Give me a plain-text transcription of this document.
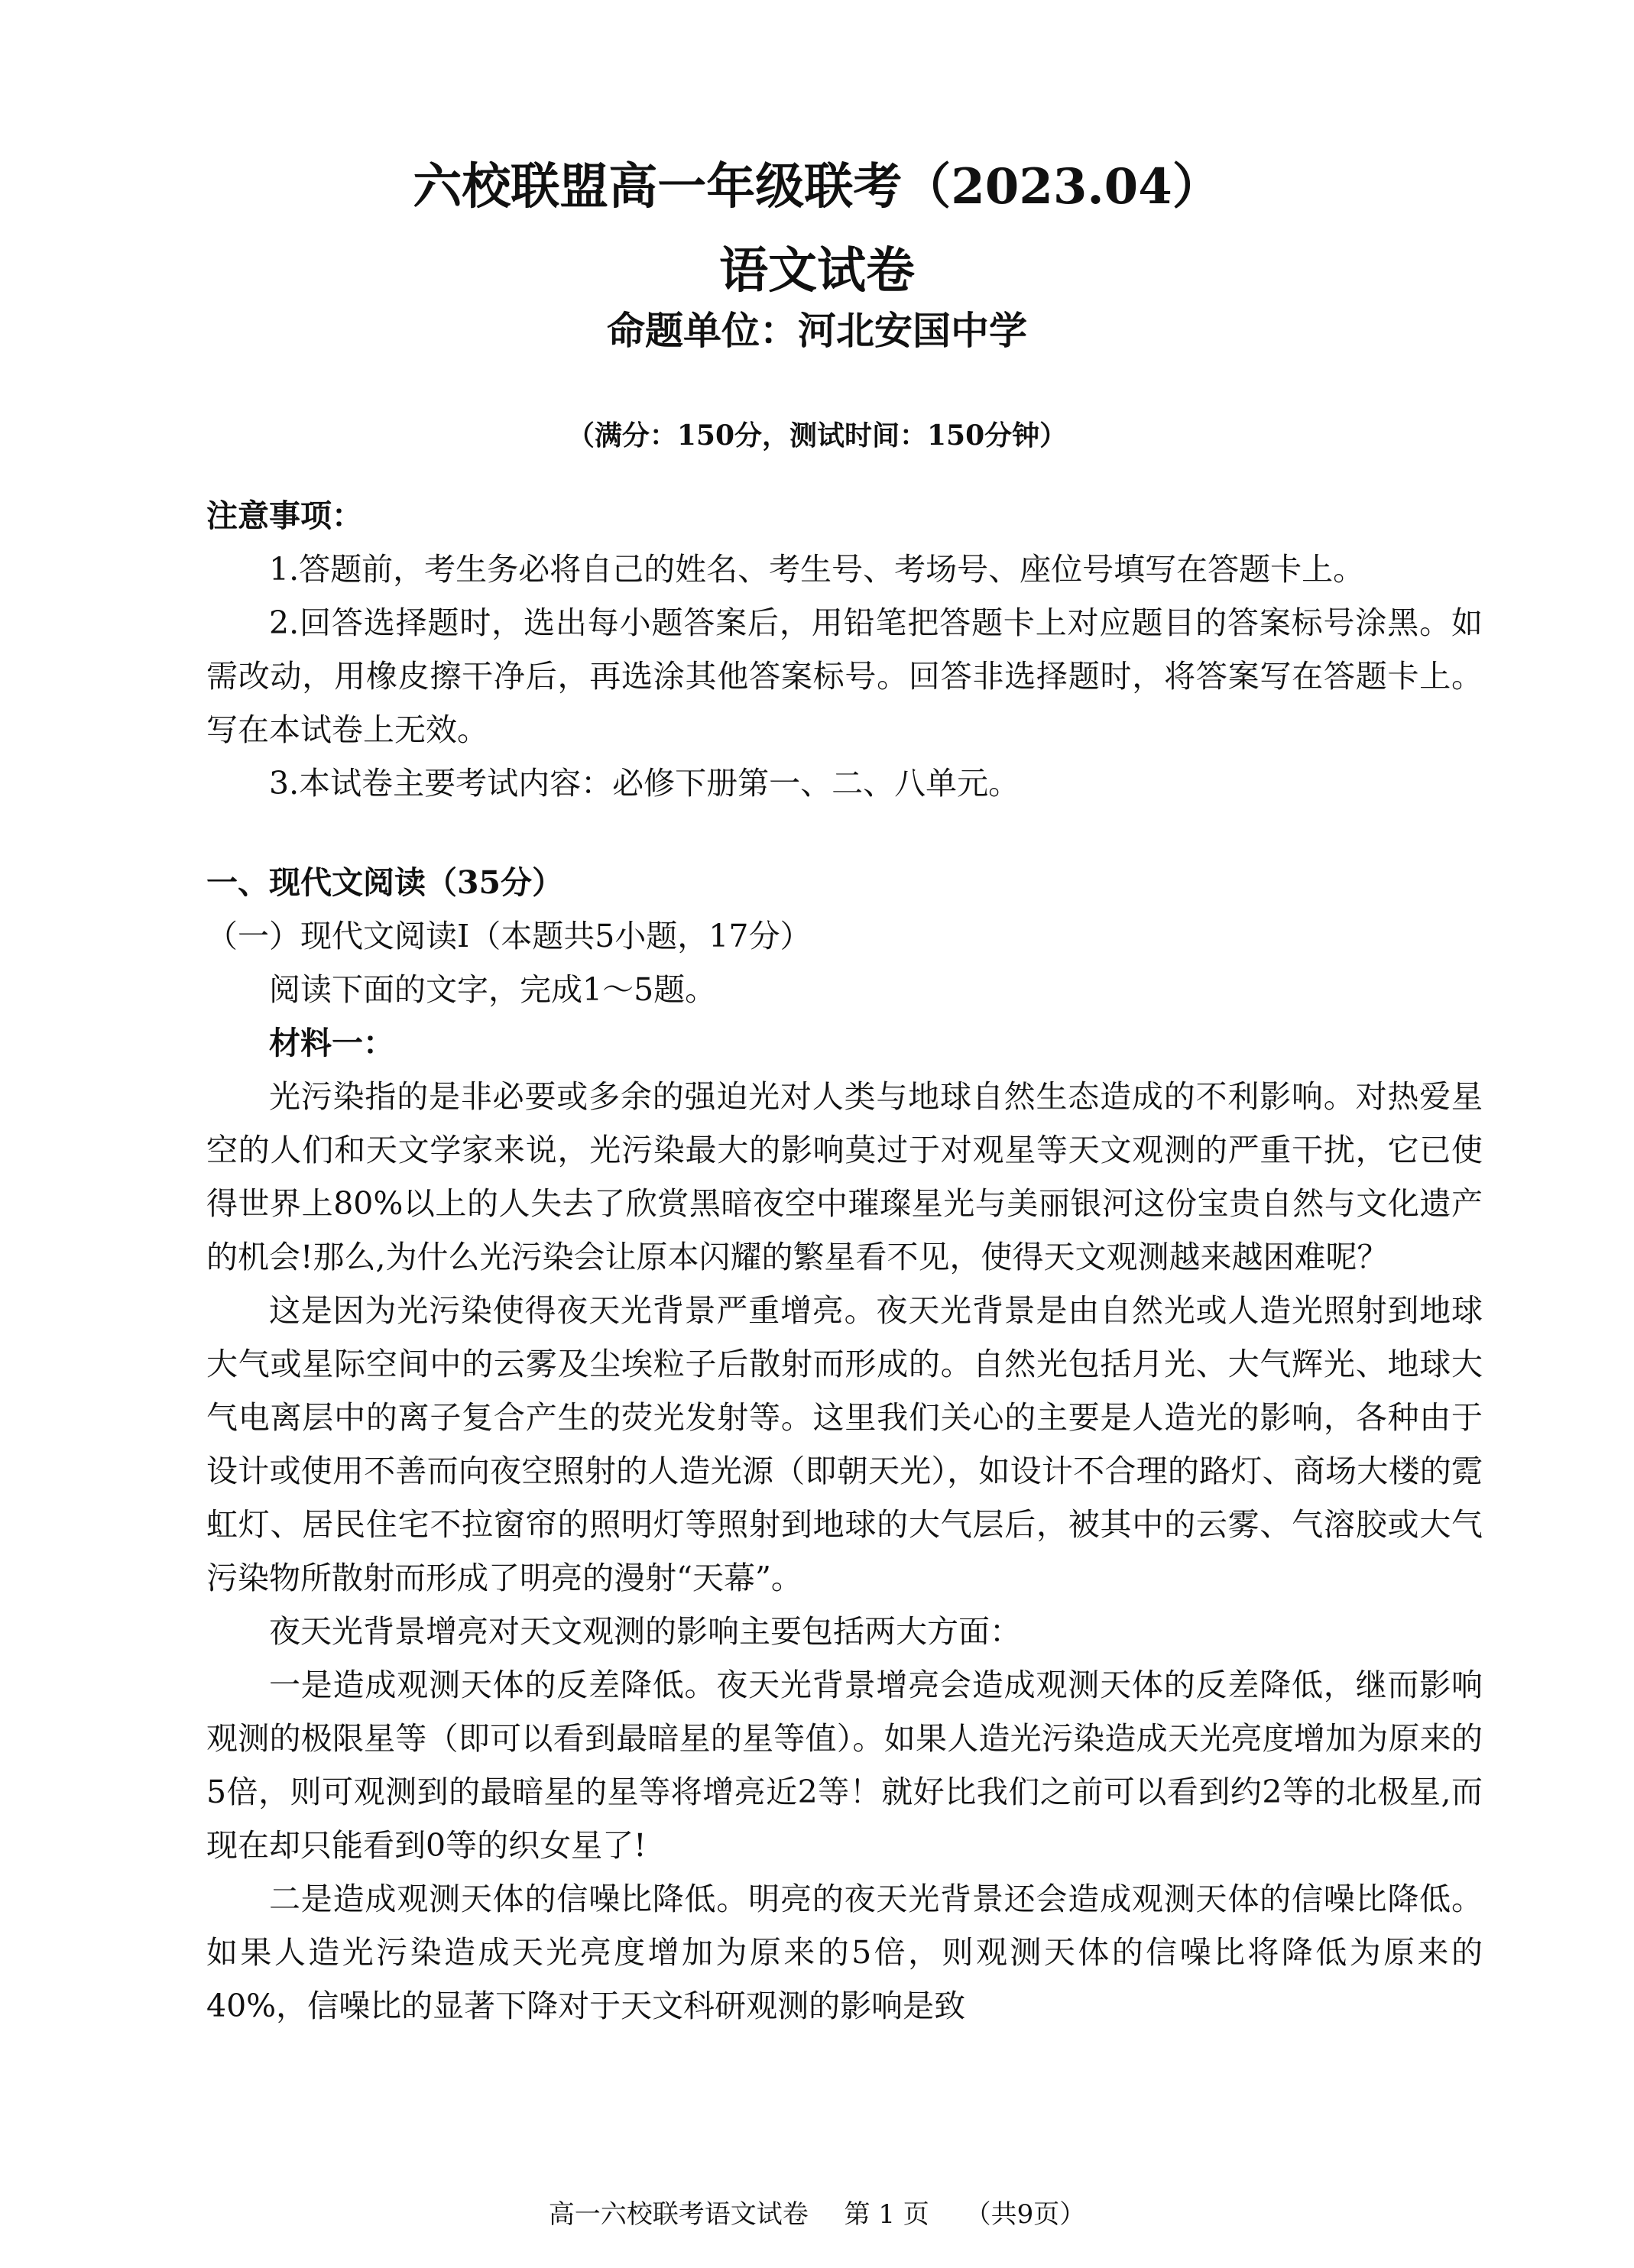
六校联盟高一年级联考（2023.04）
语文试卷
命题单位：河北安国中学
（满分：150分，测试时间：150分钟）

注意事项：

1.答题前，考生务必将自己的姓名、考生号、考场号、座位号填写在答题卡上。

2.回答选择题时，选出每小题答案后，用铅笔把答题卡上对应题目的答案标号涂黑。如需改动，用橡皮擦干净后，再选涂其他答案标号。回答非选择题时，将答案写在答题卡上。写在本试卷上无效。

3.本试卷主要考试内容：必修下册第一、二、八单元。

一、现代文阅读（35分）

（一）现代文阅读Ⅰ（本题共5小题，17分）

阅读下面的文字，完成1～5题。

材料一：

光污染指的是非必要或多余的强迫光对人类与地球自然生态造成的不利影响。对热爱星空的人们和天文学家来说，光污染最大的影响莫过于对观星等天文观测的严重干扰，它已使得世界上80%以上的人失去了欣赏黑暗夜空中璀璨星光与美丽银河这份宝贵自然与文化遗产的机会!那么,为什么光污染会让原本闪耀的繁星看不见，使得天文观测越来越困难呢？

这是因为光污染使得夜天光背景严重增亮。夜天光背景是由自然光或人造光照射到地球大气或星际空间中的云雾及尘埃粒子后散射而形成的。自然光包括月光、大气辉光、地球大气电离层中的离子复合产生的荧光发射等。这里我们关心的主要是人造光的影响，各种由于设计或使用不善而向夜空照射的人造光源（即朝天光），如设计不合理的路灯、商场大楼的霓虹灯、居民住宅不拉窗帘的照明灯等照射到地球的大气层后，被其中的云雾、气溶胶或大气污染物所散射而形成了明亮的漫射“天幕”。

夜天光背景增亮对天文观测的影响主要包括两大方面：

一是造成观测天体的反差降低。夜天光背景增亮会造成观测天体的反差降低，继而影响观测的极限星等（即可以看到最暗星的星等值）。如果人造光污染造成天光亮度增加为原来的5倍，则可观测到的最暗星的星等将增亮近2等！就好比我们之前可以看到约2等的北极星,而现在却只能看到0等的织女星了!

二是造成观测天体的信噪比降低。明亮的夜天光背景还会造成观测天体的信噪比降低。如果人造光污染造成天光亮度增加为原来的5倍，则观测天体的信噪比将降低为原来的40%，信噪比的显著下降对于天文科研观测的影响是致

高一六校联考语文试卷 第 1 页 （共9页）
